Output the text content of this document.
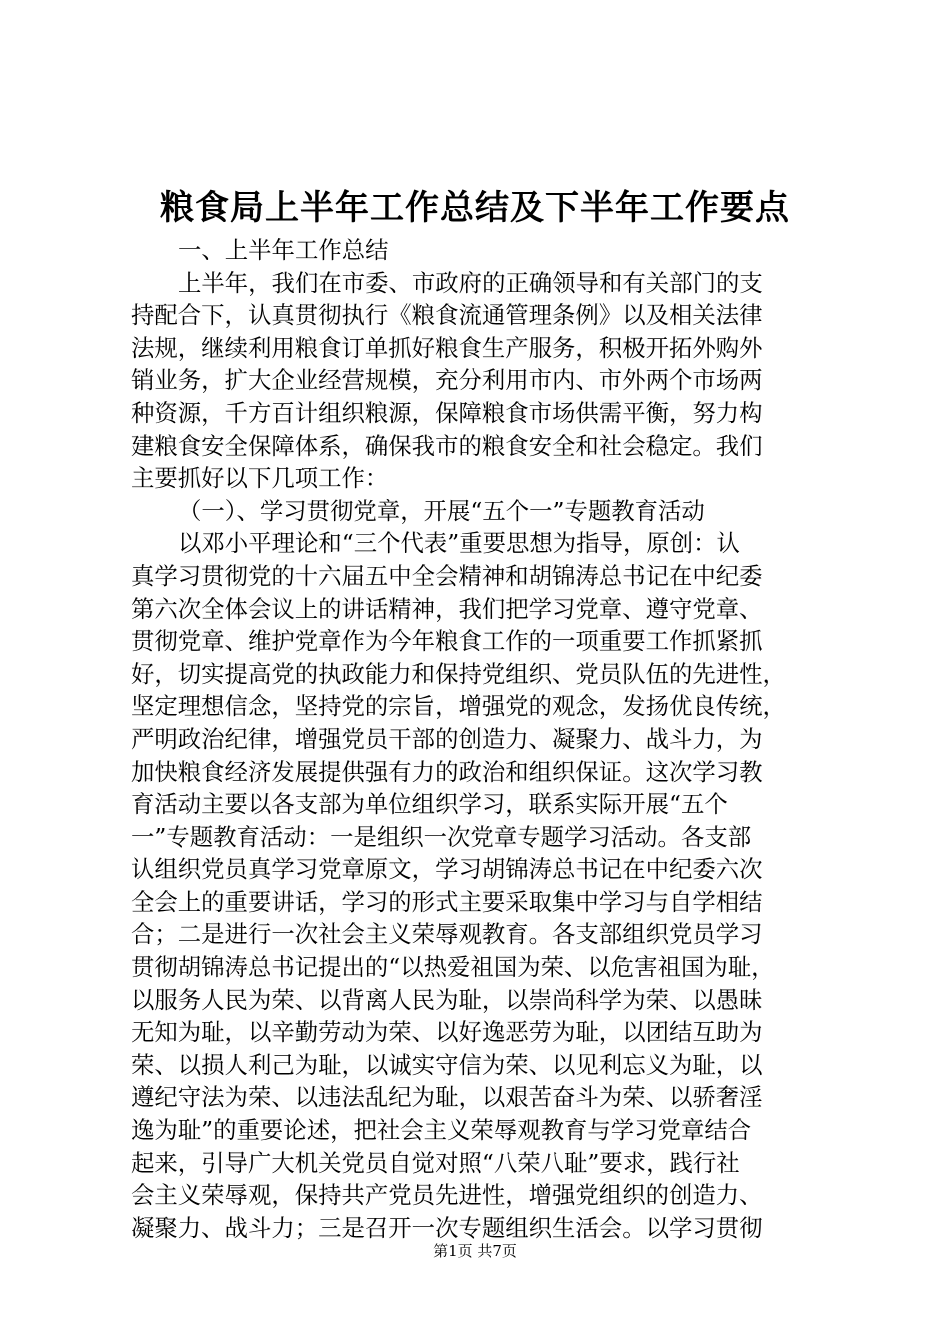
粮食局上半年工作总结及下半年工作要点
一、上半年工作总结
上半年，我们在市委、市政府的正确领导和有关部门的支
持配合下，认真贯彻执行《粮食流通管理条例》以及相关法律
法规，继续利用粮食订单抓好粮食生产服务，积极开拓外购外
销业务，扩大企业经营规模，充分利用市内、市外两个市场两
种资源，千方百计组织粮源，保障粮食市场供需平衡，努力构
建粮食安全保障体系，确保我市的粮食安全和社会稳定。我们
主要抓好以下几项工作：
（一）、学习贯彻党章，开展“五个一”专题教育活动
以邓小平理论和“三个代表”重要思想为指导，原创：认
真学习贯彻党的十六届五中全会精神和胡锦涛总书记在中纪委
第六次全体会议上的讲话精神，我们把学习党章、遵守党章、
贯彻党章、维护党章作为今年粮食工作的一项重要工作抓紧抓
好，切实提高党的执政能力和保持党组织、党员队伍的先进性，
坚定理想信念，坚持党的宗旨，增强党的观念，发扬优良传统，
严明政治纪律，增强党员干部的创造力、凝聚力、战斗力，为
加快粮食经济发展提供强有力的政治和组织保证。这次学习教
育活动主要以各支部为单位组织学习，联系实际开展“五个
一”专题教育活动：一是组织一次党章专题学习活动。各支部
认组织党员真学习党章原文，学习胡锦涛总书记在中纪委六次
全会上的重要讲话，学习的形式主要采取集中学习与自学相结
合；二是进行一次社会主义荣辱观教育。各支部组织党员学习
贯彻胡锦涛总书记提出的“以热爱祖国为荣、以危害祖国为耻，
以服务人民为荣、以背离人民为耻，以崇尚科学为荣、以愚昧
无知为耻，以辛勤劳动为荣、以好逸恶劳为耻，以团结互助为
荣、以损人利己为耻，以诚实守信为荣、以见利忘义为耻，以
遵纪守法为荣、以违法乱纪为耻，以艰苦奋斗为荣、以骄奢淫
逸为耻”的重要论述，把社会主义荣辱观教育与学习党章结合
起来，引导广大机关党员自觉对照“八荣八耻”要求，践行社
会主义荣辱观，保持共产党员先进性，增强党组织的创造力、
凝聚力、战斗力；三是召开一次专题组织生活会。以学习贯彻
第1页 共7页
